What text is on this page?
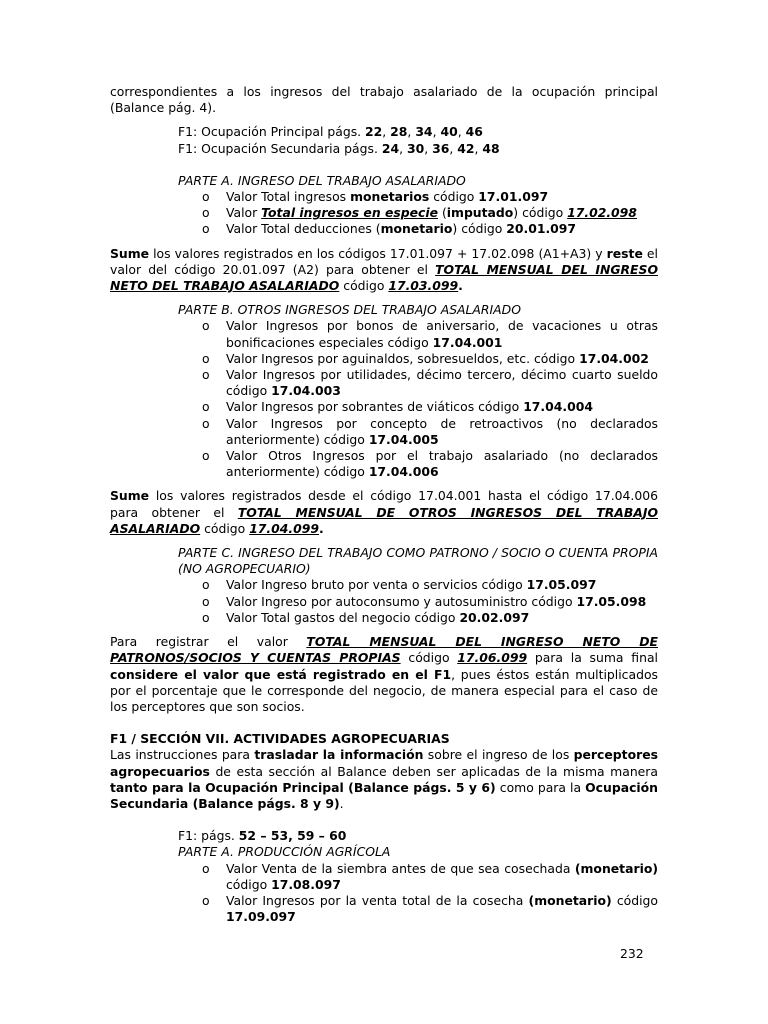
correspondientes a los ingresos del trabajo asalariado de la ocupación principal (Balance pág. 4).

F1: Ocupación Principal págs. 22, 28, 34, 40, 46
F1: Ocupación Secundaria págs. 24, 30, 36, 42, 48
PARTE A. INGRESO DEL TRABAJO ASALARIADO
o Valor Total ingresos monetarios código 17.01.097
o Valor Total ingresos en especie (imputado) código 17.02.098
o Valor Total deducciones (monetario) código 20.01.097

Sume los valores registrados en los códigos 17.01.097 + 17.02.098 (A1+A3) y reste el valor del código 20.01.097 (A2) para obtener el TOTAL MENSUAL DEL INGRESO NETO DEL TRABAJO ASALARIADO código 17.03.099.

PARTE B. OTROS INGRESOS DEL TRABAJO ASALARIADO
o Valor Ingresos por bonos de aniversario, de vacaciones u otras bonificaciones especiales código 17.04.001
o Valor Ingresos por aguinaldos, sobresueldos, etc. código 17.04.002
o Valor Ingresos por utilidades, décimo tercero, décimo cuarto sueldo código 17.04.003
o Valor Ingresos por sobrantes de viáticos código 17.04.004
o Valor Ingresos por concepto de retroactivos (no declarados anteriormente) código 17.04.005
o Valor Otros Ingresos por el trabajo asalariado (no declarados anteriormente) código 17.04.006

Sume los valores registrados desde el código 17.04.001 hasta el código 17.04.006 para obtener el TOTAL MENSUAL DE OTROS INGRESOS DEL TRABAJO ASALARIADO código 17.04.099.

PARTE C. INGRESO DEL TRABAJO COMO PATRONO / SOCIO O CUENTA PROPIA (NO AGROPECUARIO)
o Valor Ingreso bruto por venta o servicios código 17.05.097
o Valor Ingreso por autoconsumo y autosuministro código 17.05.098
o Valor Total gastos del negocio código 20.02.097

Para registrar el valor TOTAL MENSUAL DEL INGRESO NETO DE PATRONOS/SOCIOS Y CUENTAS PROPIAS código 17.06.099 para la suma final considere el valor que está registrado en el F1, pues éstos están multiplicados por el porcentaje que le corresponde del negocio, de manera especial para el caso de los perceptores que son socios.

F1 / SECCIÓN VII. ACTIVIDADES AGROPECUARIAS

Las instrucciones para trasladar la información sobre el ingreso de los perceptores agropecuarios de esta sección al Balance deben ser aplicadas de la misma manera tanto para la Ocupación Principal (Balance págs. 5 y 6) como para la Ocupación Secundaria (Balance págs. 8 y 9).

F1: págs. 52 – 53, 59 – 60
PARTE A. PRODUCCIÓN AGRÍCOLA
o Valor Venta de la siembra antes de que sea cosechada (monetario) código 17.08.097
o Valor Ingresos por la venta total de la cosecha (monetario) código 17.09.097
232
